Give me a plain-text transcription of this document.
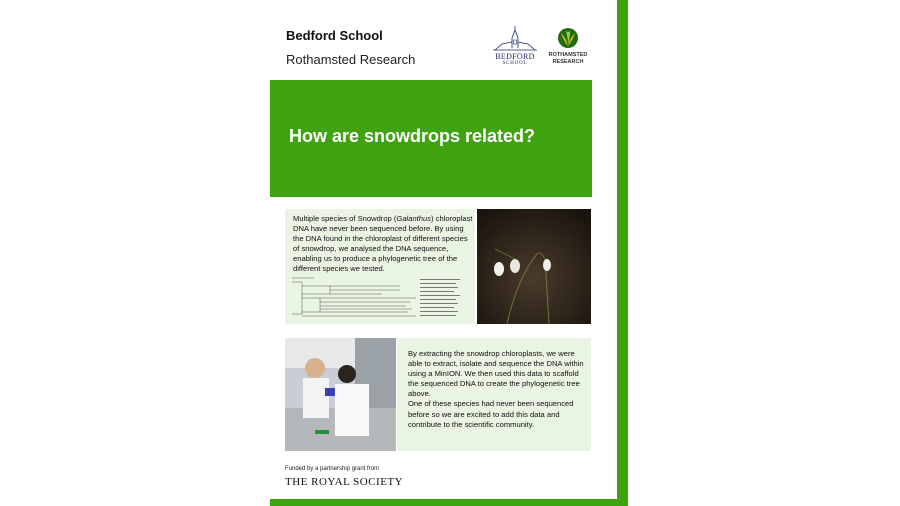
Bedford School
Rothamsted Research	BEDFORD
SCHOOL
ROTHAMSTED
RESEARCH
How are snowdrops related?
Multiple species of Snowdrop (Galanthus) chloroplast DNA have never been sequenced before. By using the DNA found in the chloroplast of different species of snowdrop, we analysed the DNA sequence, enabling us to produce a phylogenetic tree of the different species we tested.
By extracting the snowdrop chloroplasts, we were able to extract, isolate and sequence the DNA within using a MinION. We then used this data to scaffold the sequenced DNA to create the phylogenetic tree above.
One of these species had never been sequenced before so we are excited to add this data and contribute to the scientific community.
Funded by a partnership grant from
THE ROYAL SOCIETY
